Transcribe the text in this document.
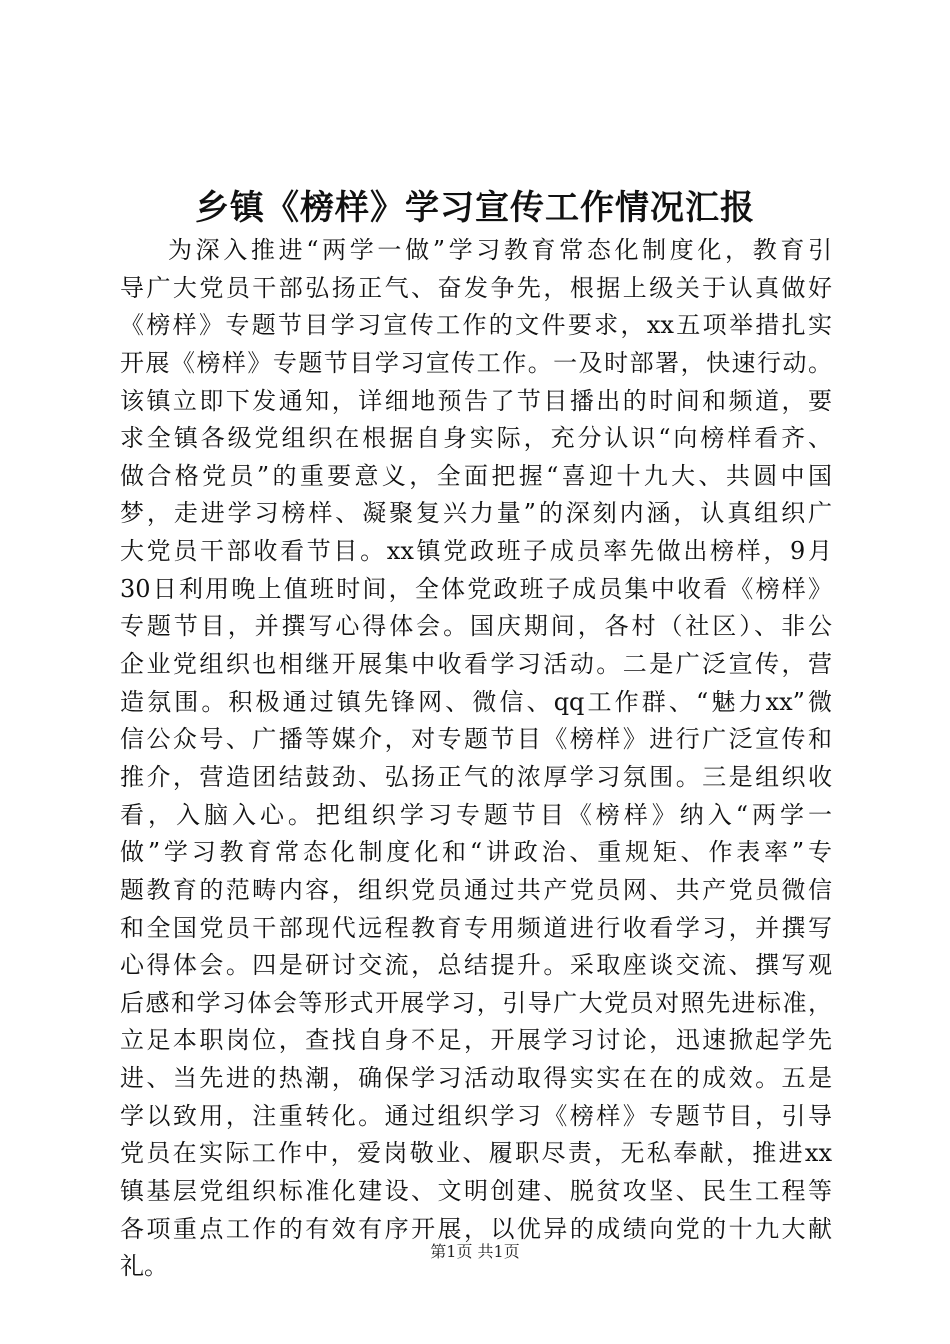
乡镇《榜样》学习宣传工作情况汇报
为深入推进“两学一做”学习教育常态化制度化，教育引
导广大党员干部弘扬正气、奋发争先，根据上级关于认真做好
《榜样》专题节目学习宣传工作的文件要求，xx五项举措扎实
开展《榜样》专题节目学习宣传工作。一及时部署，快速行动。
该镇立即下发通知，详细地预告了节目播出的时间和频道，要
求全镇各级党组织在根据自身实际，充分认识“向榜样看齐、
做合格党员”的重要意义，全面把握“喜迎十九大、共圆中国
梦，走进学习榜样、凝聚复兴力量”的深刻内涵，认真组织广
大党员干部收看节目。xx镇党政班子成员率先做出榜样，9月
30日利用晚上值班时间，全体党政班子成员集中收看《榜样》
专题节目，并撰写心得体会。国庆期间，各村（社区）、非公
企业党组织也相继开展集中收看学习活动。二是广泛宣传，营
造氛围。积极通过镇先锋网、微信、qq工作群、“魅力xx”微
信公众号、广播等媒介，对专题节目《榜样》进行广泛宣传和
推介，营造团结鼓劲、弘扬正气的浓厚学习氛围。三是组织收
看，入脑入心。把组织学习专题节目《榜样》纳入“两学一
做”学习教育常态化制度化和“讲政治、重规矩、作表率”专
题教育的范畴内容，组织党员通过共产党员网、共产党员微信
和全国党员干部现代远程教育专用频道进行收看学习，并撰写
心得体会。四是研讨交流，总结提升。采取座谈交流、撰写观
后感和学习体会等形式开展学习，引导广大党员对照先进标准，
立足本职岗位，查找自身不足，开展学习讨论，迅速掀起学先
进、当先进的热潮，确保学习活动取得实实在在的成效。五是
学以致用，注重转化。通过组织学习《榜样》专题节目，引导
党员在实际工作中，爱岗敬业、履职尽责，无私奉献，推进xx
镇基层党组织标准化建设、文明创建、脱贫攻坚、民生工程等
各项重点工作的有效有序开展，以优异的成绩向党的十九大献
礼。
第1页 共1页
